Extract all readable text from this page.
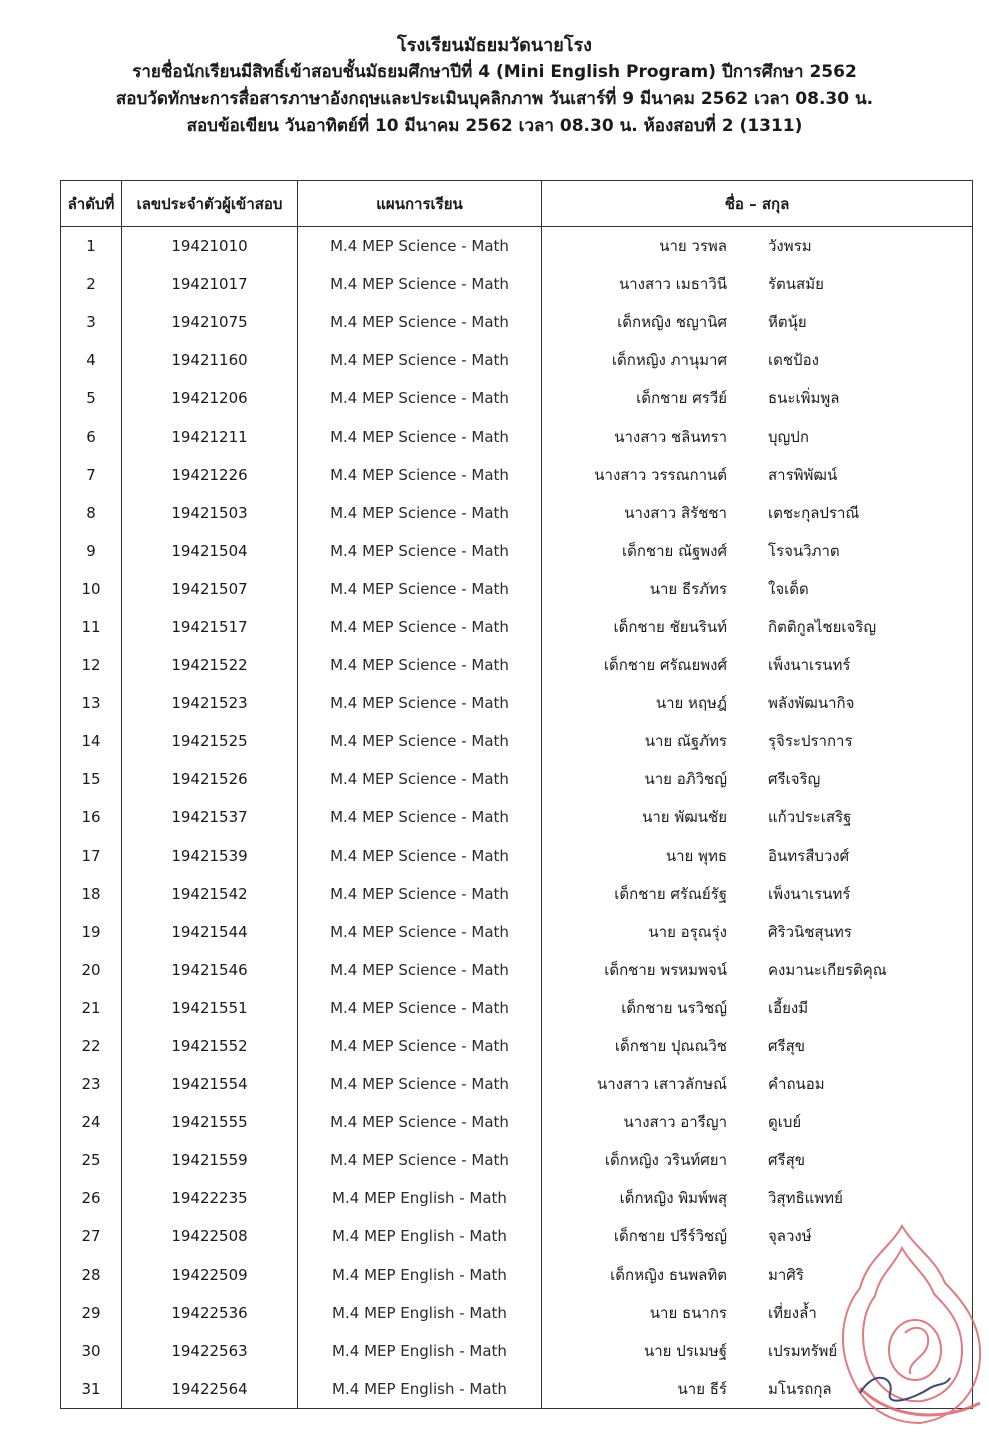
โรงเรียนมัธยมวัดนายโรง
รายชื่อนักเรียนมีสิทธิ์เข้าสอบชั้นมัธยมศึกษาปีที่ 4 (Mini English Program) ปีการศึกษา 2562
สอบวัดทักษะการสื่อสารภาษาอังกฤษและประเมินบุคลิกภาพ วันเสาร์ที่ 9 มีนาคม 2562 เวลา 08.30 น.
สอบข้อเขียน วันอาทิตย์ที่ 10 มีนาคม 2562 เวลา 08.30 น. ห้องสอบที่ 2 (1311)
ลำดับที่	เลขประจำตัวผู้เข้าสอบ	แผนการเรียน	ชื่อ – สกุล
1	19421010	M.4 MEP Science - Math	นาย วรพล วังพรม

2	19421017	M.4 MEP Science - Math	นางสาว เมธาวินี รัตนสมัย

3	19421075	M.4 MEP Science - Math	เด็กหญิง ชญานิศ หีตนุ้ย

4	19421160	M.4 MEP Science - Math	เด็กหญิง ภานุมาศ เดชป้อง

5	19421206	M.4 MEP Science - Math	เด็กชาย ศรวีย์ ธนะเพิ่มพูล

6	19421211	M.4 MEP Science - Math	นางสาว ชลินทรา บุญปก

7	19421226	M.4 MEP Science - Math	นางสาว วรรณกานต์ สารพิพัฒน์

8	19421503	M.4 MEP Science - Math	นางสาว สิรัชชา เตชะกุลปราณี

9	19421504	M.4 MEP Science - Math	เด็กชาย ณัฐพงศ์ โรจนวิภาต

10	19421507	M.4 MEP Science - Math	นาย ธีรภัทร ใจเด็ด

11	19421517	M.4 MEP Science - Math	เด็กชาย ชัยนรินท์ กิตติกูลไชยเจริญ

12	19421522	M.4 MEP Science - Math	เด็กชาย ศรัณยพงศ์ เพ็งนาเรนทร์

13	19421523	M.4 MEP Science - Math	นาย หฤษฎ์ พลังพัฒนากิจ

14	19421525	M.4 MEP Science - Math	นาย ณัฐภัทร รุจิระปราการ

15	19421526	M.4 MEP Science - Math	นาย อภิวิชญ์ ศรีเจริญ

16	19421537	M.4 MEP Science - Math	นาย พัฒนชัย แก้วประเสริฐ

17	19421539	M.4 MEP Science - Math	นาย พุทธ อินทรสืบวงศ์

18	19421542	M.4 MEP Science - Math	เด็กชาย ศรัณย์รัฐ เพ็งนาเรนทร์

19	19421544	M.4 MEP Science - Math	นาย อรุณรุ่ง ศิริวนิชสุนทร

20	19421546	M.4 MEP Science - Math	เด็กชาย พรหมพจน์ คงมานะเกียรติคุณ

21	19421551	M.4 MEP Science - Math	เด็กชาย นรวิชญ์ เอี้ยงมี

22	19421552	M.4 MEP Science - Math	เด็กชาย ปุณณวิช ศรีสุข

23	19421554	M.4 MEP Science - Math	นางสาว เสาวลักษณ์ คำถนอม

24	19421555	M.4 MEP Science - Math	นางสาว อารีญา ดูเบย์

25	19421559	M.4 MEP Science - Math	เด็กหญิง วรินท์ศยา ศรีสุข

26	19422235	M.4 MEP English - Math	เด็กหญิง พิมพ์พสุ วิสุทธิแพทย์

27	19422508	M.4 MEP English - Math	เด็กชาย ปรีร์วิชญ์ จุลวงษ์

28	19422509	M.4 MEP English - Math	เด็กหญิง ธนพลทิต มาศิริ

29	19422536	M.4 MEP English - Math	นาย ธนากร เที่ยงล้ำ

30	19422563	M.4 MEP English - Math	นาย ปรเมษฐ์ เปรมทรัพย์

31	19422564	M.4 MEP English - Math	นาย ธีร์ มโนรถกุล
